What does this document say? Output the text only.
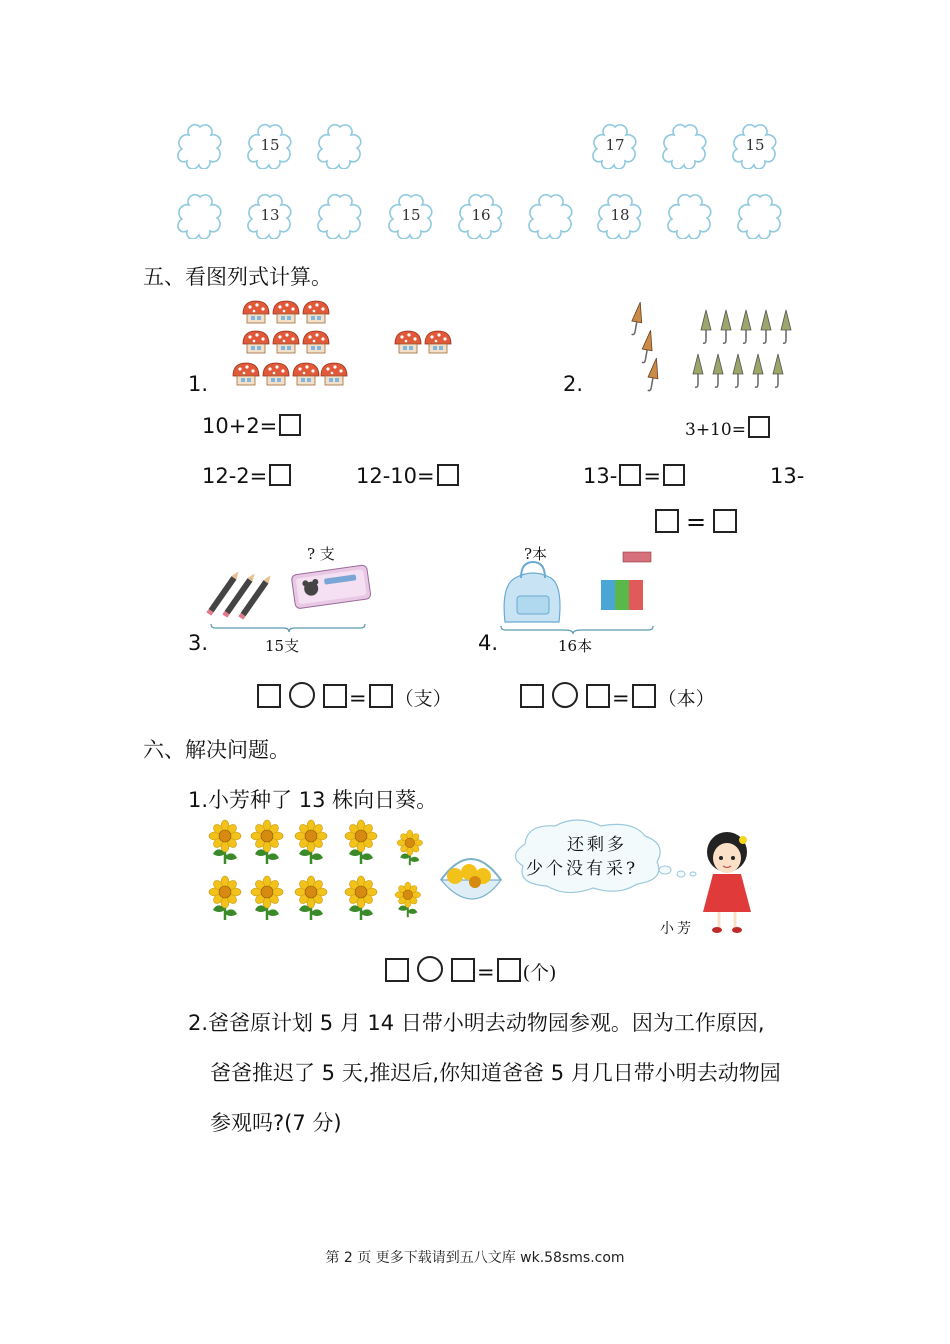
15	17	15
13	15	16	18
五、看图列式计算。
1.	2.
10+2=	3+10=
12-2=	12-10=	13- =	13-
=
? 支
15支
3.
?本
16本
4.
= （支）	= （本）
六、解决问题。
1.小芳种了 13 株向日葵。
还剩多
少个没有采?
小芳
= (个)
2.爸爸原计划 5 月 14 日带小明去动物园参观。因为工作原因,
爸爸推迟了 5 天,推迟后,你知道爸爸 5 月几日带小明去动物园
参观吗?(7 分)
第 2 页 更多下载请到五八文库 wk.58sms.com
